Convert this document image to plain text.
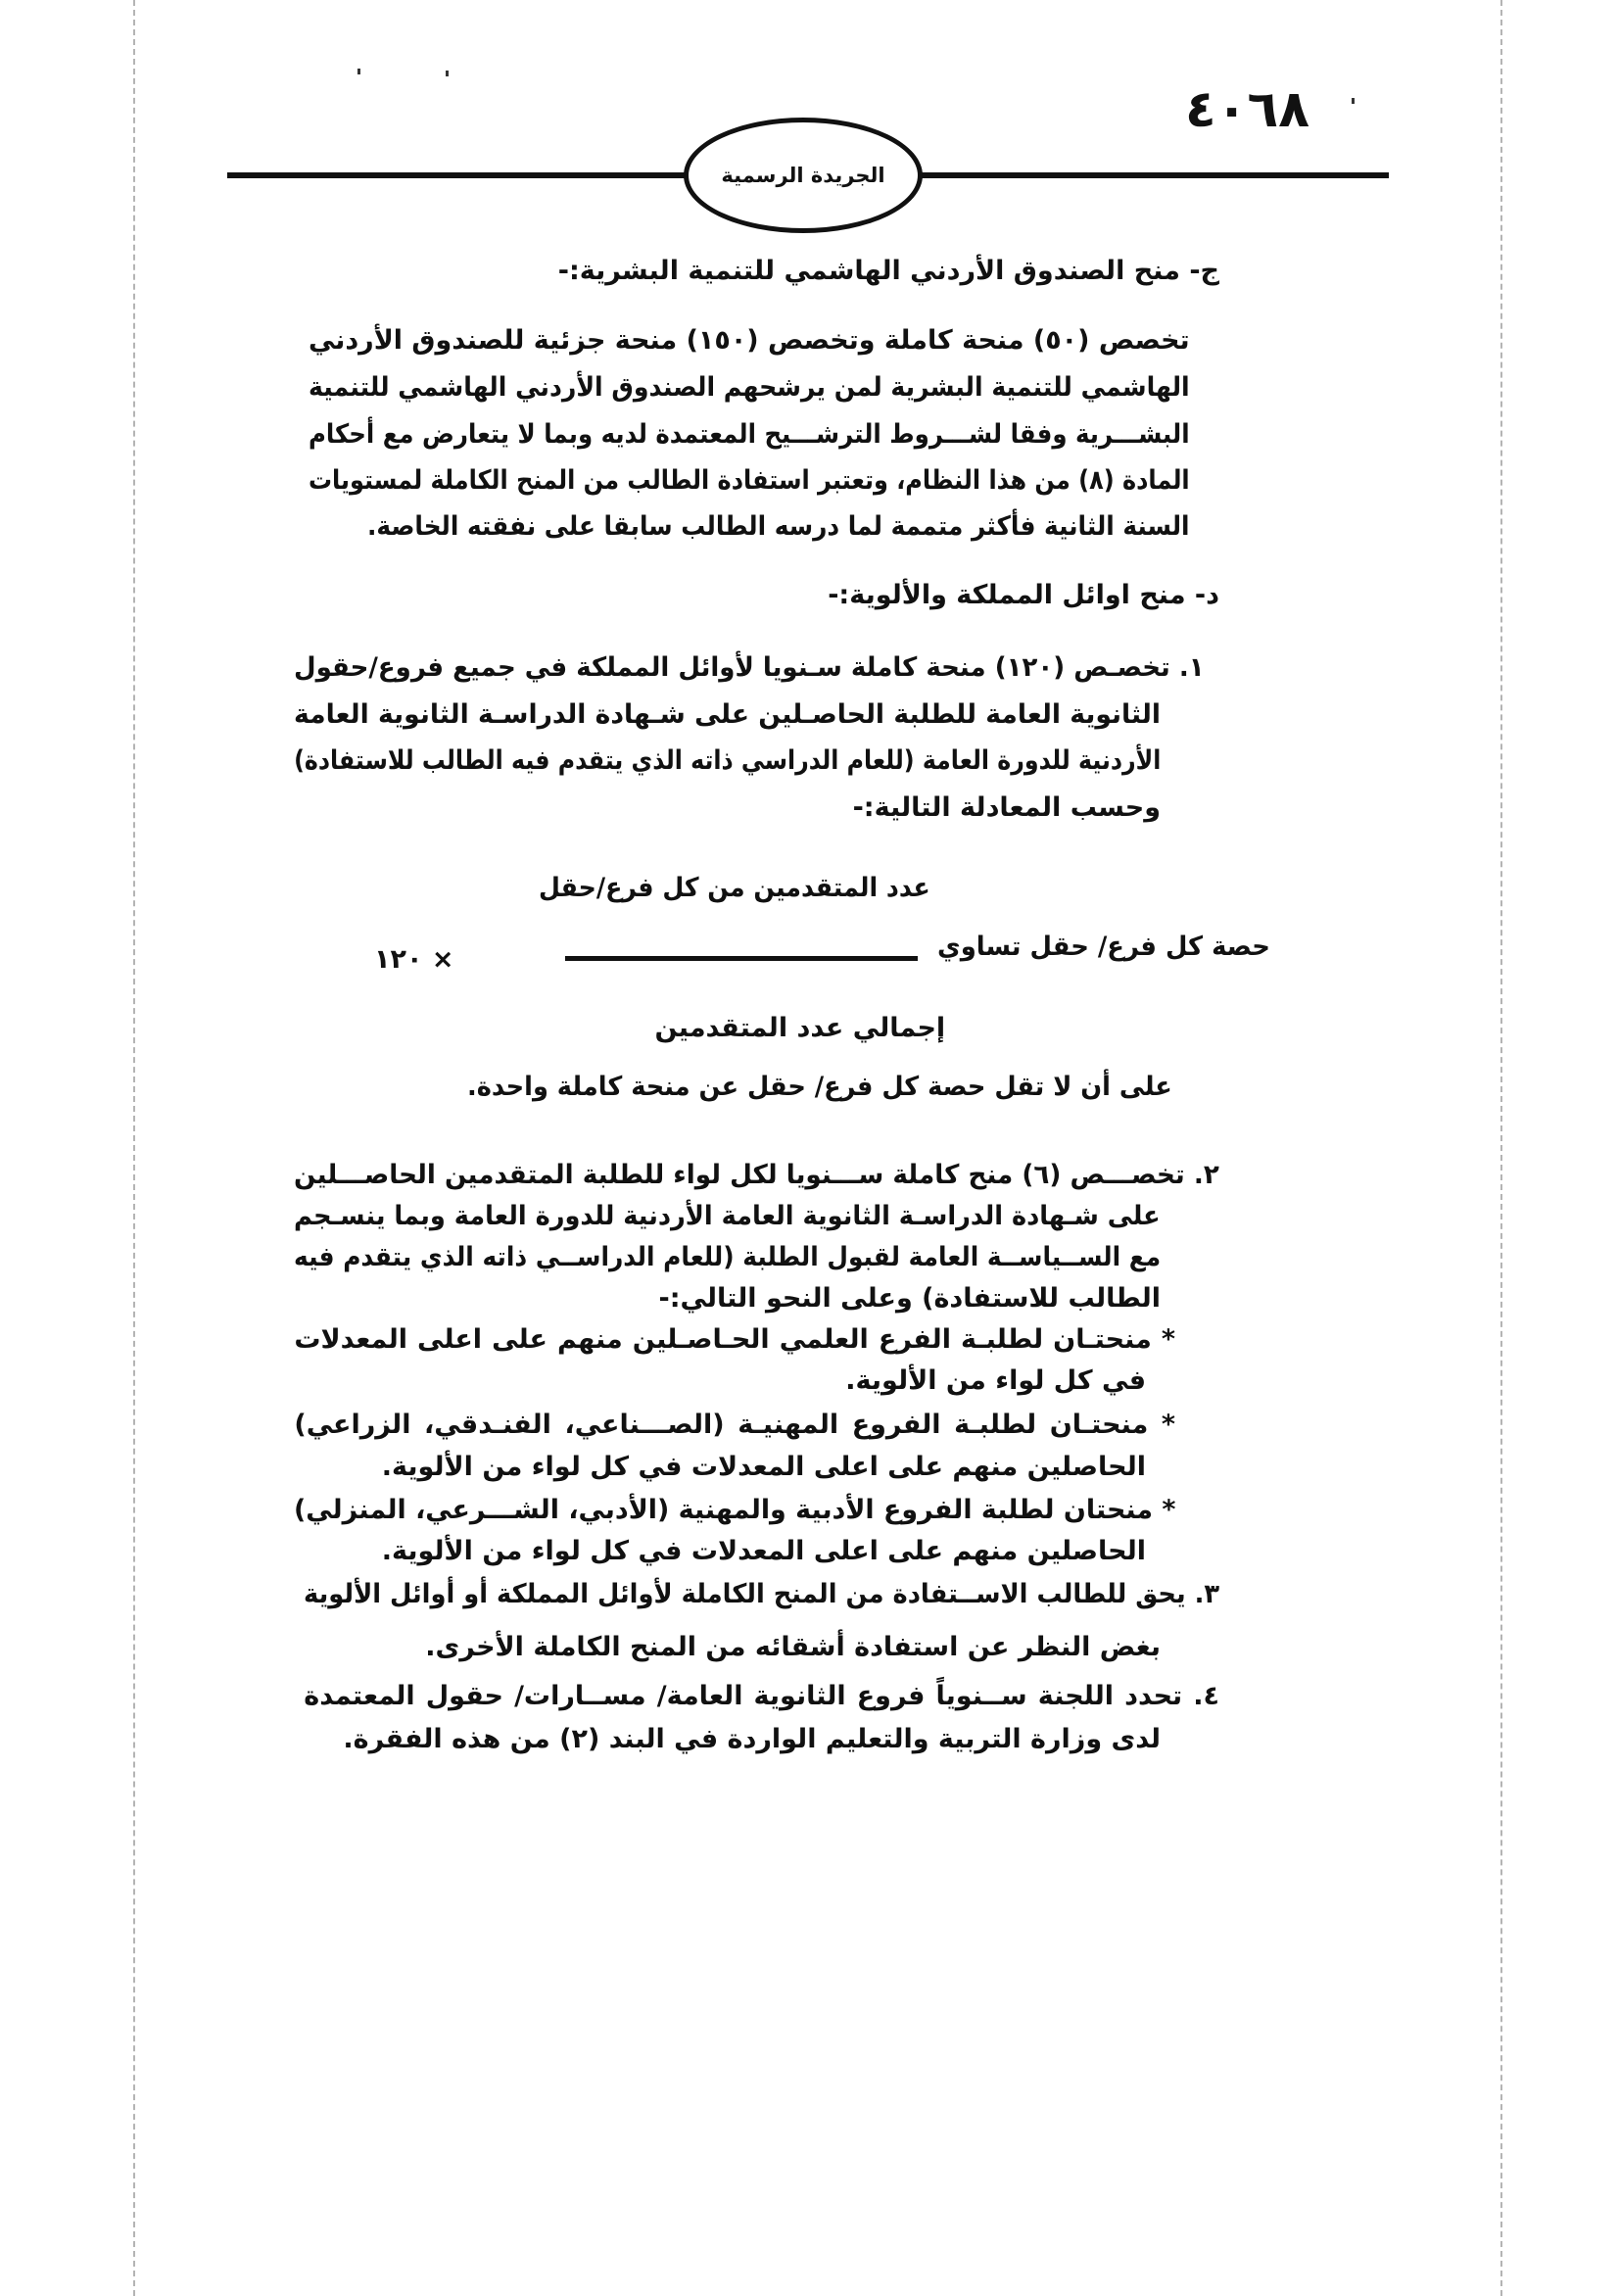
٤٠٦٨
الجريدة الرسمية
ج- منح الصندوق الأردني الهاشمي للتنمية البشرية:-
تخصص (٥٠) منحة كاملة وتخصص (١٥٠) منحة جزئية للصندوق الأردني
الهاشمي للتنمية البشرية لمن يرشحهم الصندوق الأردني الهاشمي للتنمية
البشـــرية وفقا لشـــروط الترشـــيح المعتمدة لديه وبما لا يتعارض مع أحكام
المادة (٨) من هذا النظام، وتعتبر استفادة الطالب من المنح الكاملة لمستويات
السنة الثانية فأكثر متممة لما درسه الطالب سابقا على نفقته الخاصة.
د- منح اوائل المملكة والألوية:-
١. تخصـص (١٢٠) منحة كاملة سـنويا لأوائل المملكة في جميع فروع/حقول
الثانوية العامة للطلبة الحاصـلين على شـهادة الدراسـة الثانوية العامة
الأردنية للدورة العامة (للعام الدراسي ذاته الذي يتقدم فيه الطالب للاستفادة)
وحسب المعادلة التالية:-
عدد المتقدمين من كل فرع/حقل
حصة كل فرع/ حقل تساوي
١٢٠ ×
إجمالي عدد المتقدمين
على أن لا تقل حصة كل فرع/ حقل عن منحة كاملة واحدة.
٢. تخصـــص (٦) منح كاملة ســـنويا لكل لواء للطلبة المتقدمين الحاصـــلين
على شـهادة الدراسـة الثانوية العامة الأردنية للدورة العامة وبما ينسـجم
مع الســياســة العامة لقبول الطلبة (للعام الدراســي ذاته الذي يتقدم فيه
الطالب للاستفادة) وعلى النحو التالي:-
* منحتـان لطلبـة الفرع العلمي الحـاصـلين منهم على اعلى المعدلات
في كل لواء من الألوية.
* منحتـان لطلبـة الفروع المهنيـة (الصـــناعي، الفنـدقي، الزراعي)
الحاصلين منهم على اعلى المعدلات في كل لواء من الألوية.
* منحتان لطلبة الفروع الأدبية والمهنية (الأدبي، الشـــرعي، المنزلي)
الحاصلين منهم على اعلى المعدلات في كل لواء من الألوية.
٣. يحق للطالب الاســتفادة من المنح الكاملة لأوائل المملكة أو أوائل الألوية
بغض النظر عن استفادة أشقائه من المنح الكاملة الأخرى.
٤. تحدد اللجنة ســنوياً فروع الثانوية العامة/ مســارات/ حقول المعتمدة
لدى وزارة التربية والتعليم الواردة في البند (٢) من هذه الفقرة.
